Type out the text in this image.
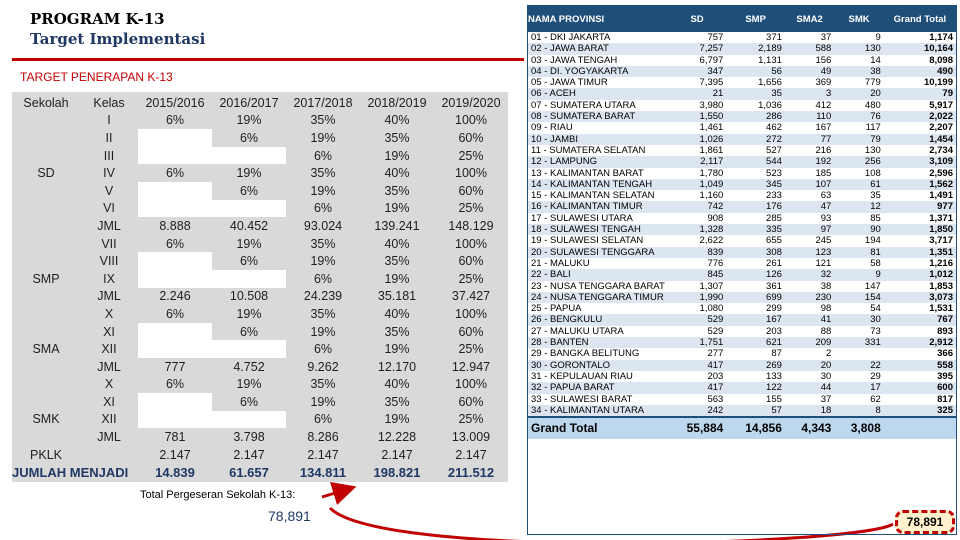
PROGRAM K-13
Target Implementasi
TARGET PENERAPAN K-13
Sekolah	Kelas	2015/2016	2016/2017	2017/2018	2018/2019	2019/2020
	I	6%	19%	35%	40%	100%
	II		6%	19%	35%	60%
	III			6%	19%	25%
SD	IV	6%	19%	35%	40%	100%
	V		6%	19%	35%	60%
	VI			6%	19%	25%
	JML	8.888	40.452	93.024	139.241	148.129
	VII	6%	19%	35%	40%	100%
	VIII		6%	19%	35%	60%
SMP	IX			6%	19%	25%
	JML	2.246	10.508	24.239	35.181	37.427
	X	6%	19%	35%	40%	100%
	XI		6%	19%	35%	60%
SMA	XII			6%	19%	25%
	JML	777	4.752	9.262	12.170	12.947
	X	6%	19%	35%	40%	100%
	XI		6%	19%	35%	60%
SMK	XII			6%	19%	25%
	JML	781	3.798	8.286	12.228	13.009
PKLK		2.147	2.147	2.147	2.147	2.147
JUMLAH MENJADI		14.839	61.657	134.811	198.821	211.512
Total Pergeseran Sekolah K-13:
78,891
NAMA PROVINSI	SD	SMP	SMA2	SMK	Grand Total
01 - DKI JAKARTA	757	371	37	9	1,174
02 - JAWA BARAT	7,257	2,189	588	130	10,164
03 - JAWA TENGAH	6,797	1,131	156	14	8,098
04 - DI. YOGYAKARTA	347	56	49	38	490
05 - JAWA TIMUR	7,395	1,656	369	779	10,199
06 - ACEH	21	35	3	20	79
07 - SUMATERA UTARA	3,980	1,036	412	480	5,917
08 - SUMATERA BARAT	1,550	286	110	76	2,022
09 - RIAU	1,461	462	167	117	2,207
10 - JAMBI	1,026	272	77	79	1,454
11 - SUMATERA SELATAN	1,861	527	216	130	2,734
12 - LAMPUNG	2,117	544	192	256	3,109
13 - KALIMANTAN BARAT	1,780	523	185	108	2,596
14 - KALIMANTAN TENGAH	1,049	345	107	61	1,562
15 - KALIMANTAN SELATAN	1,160	233	63	35	1,491
16 - KALIMANTAN TIMUR	742	176	47	12	977
17 - SULAWESI UTARA	908	285	93	85	1,371
18 - SULAWESI TENGAH	1,328	335	97	90	1,850
19 - SULAWESI SELATAN	2,622	655	245	194	3,717
20 - SULAWESI TENGGARA	839	308	123	81	1,351
21 - MALUKU	776	261	121	58	1,216
22 - BALI	845	126	32	9	1,012
23 - NUSA TENGGARA BARAT	1,307	361	38	147	1,853
24 - NUSA TENGGARA TIMUR	1,990	699	230	154	3,073
25 - PAPUA	1,080	299	98	54	1,531
26 - BENGKULU	529	167	41	30	767
27 - MALUKU UTARA	529	203	88	73	893
28 - BANTEN	1,751	621	209	331	2,912
29 - BANGKA BELITUNG	277	87	2		366
30 - GORONTALO	417	269	20	22	558
31 - KEPULAUAN RIAU	203	133	30	29	395
32 - PAPUA BARAT	417	122	44	17	600
33 - SULAWESI BARAT	563	155	37	62	817
34 - KALIMANTAN UTARA	242	57	18	8	325
Grand Total	55,884	14,856	4,343	3,808	
78,891
